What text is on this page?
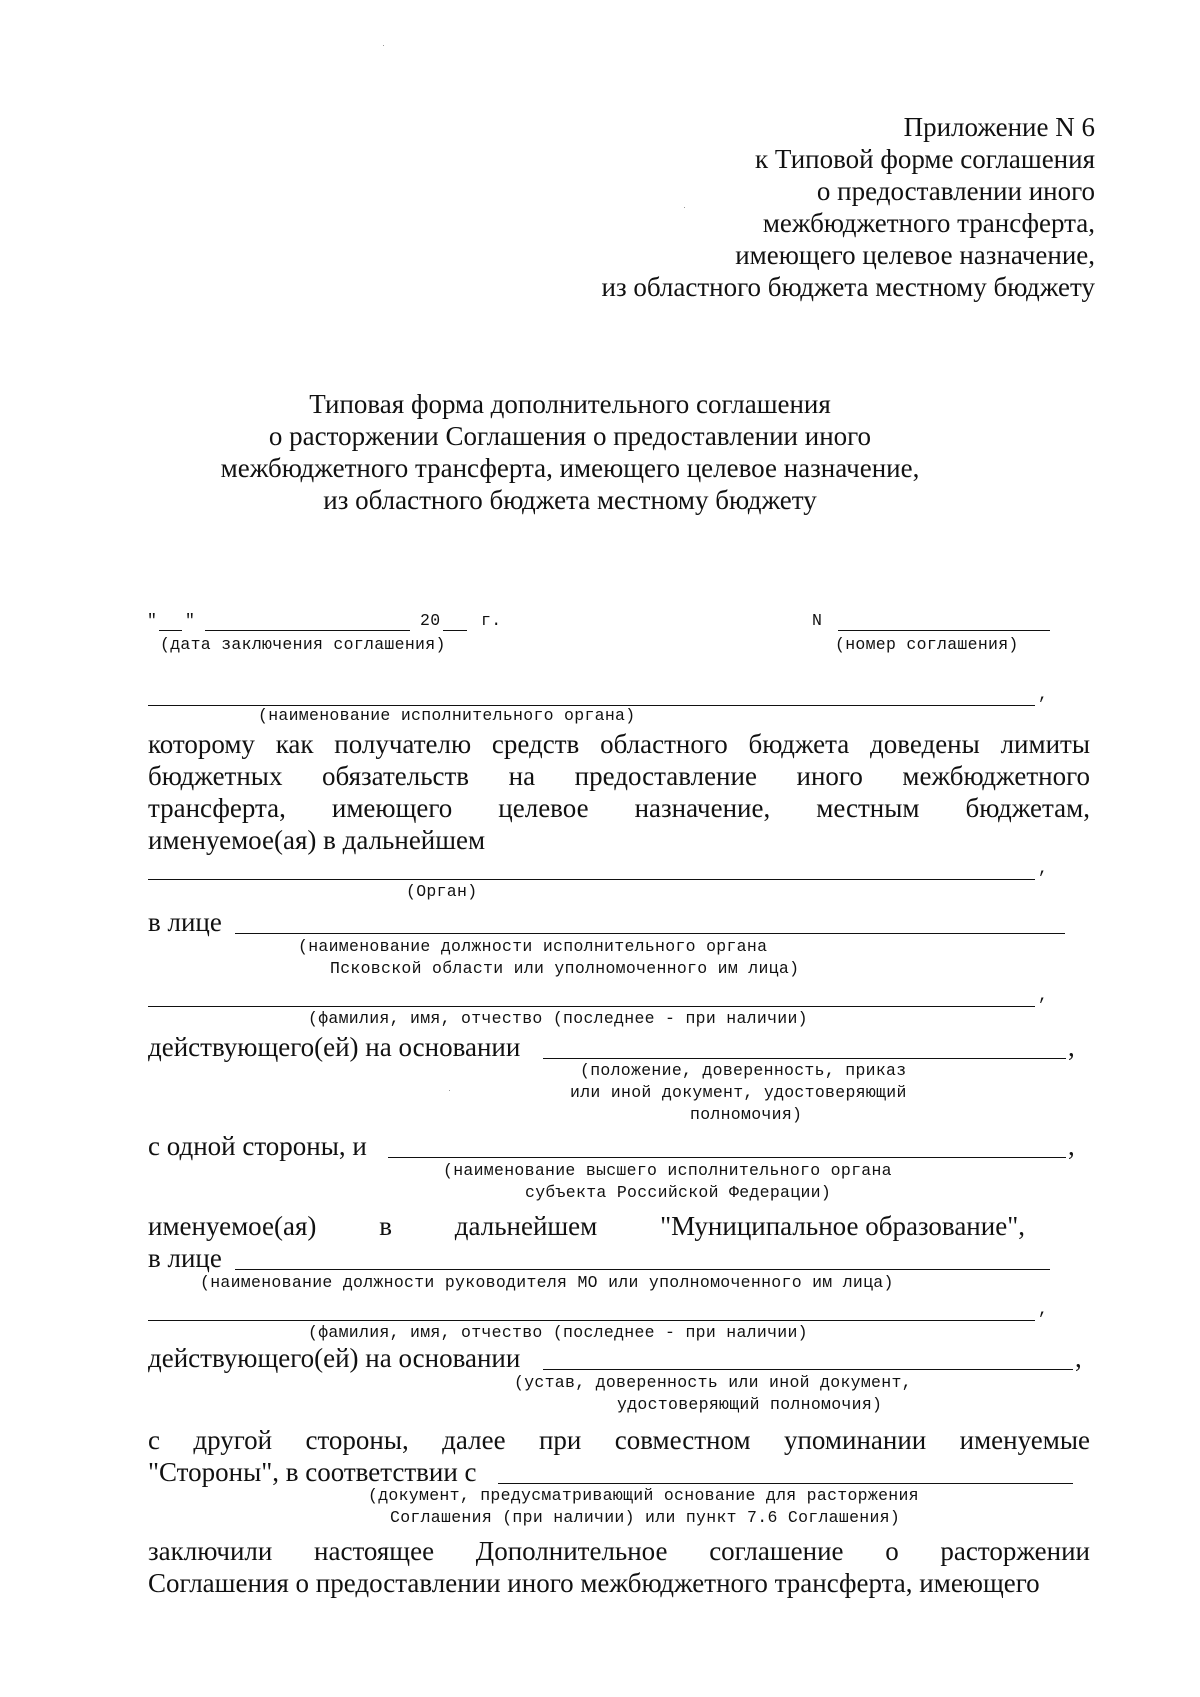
Приложение N 6
к Типовой форме соглашения
о предоставлении иного
межбюджетного трансферта,
имеющего целевое назначение,
из областного бюджета местному бюджету
Типовая форма дополнительного соглашения
о расторжении Соглашения о предоставлении иного
межбюджетного трансферта, имеющего целевое назначение,
из областного бюджета местному бюджету
" "	20 г.	N
(дата заключения соглашения)	(номер соглашения)
,
(наименование исполнительного органа)
которому как получателю средств областного бюджета доведены лимиты
бюджетных обязательств на предоставление иного межбюджетного
трансферта, имеющего целевое назначение, местным бюджетам,
именуемое(ая) в дальнейшем
,
(Орган)
в лице
(наименование должности исполнительного органа
Псковской области или уполномоченного им лица)
,
(фамилия, имя, отчество (последнее - при наличии)
действующего(ей) на основании	,
(положение, доверенность, приказ
или иной документ, удостоверяющий
полномочия)
с одной стороны, и	,
(наименование высшего исполнительного органа
субъекта Российской Федерации)
именуемое(ая) в дальнейшем "Муниципальное образование",
в лице
(наименование должности руководителя МО или уполномоченного им лица)
,
(фамилия, имя, отчество (последнее - при наличии)
действующего(ей) на основании	,
(устав, доверенность или иной документ,
удостоверяющий полномочия)
с другой стороны, далее при совместном упоминании именуемые
"Стороны", в соответствии с
(документ, предусматривающий основание для расторжения
Соглашения (при наличии) или пункт 7.6 Соглашения)
заключили настоящее Дополнительное соглашение о расторжении
Соглашения о предоставлении иного межбюджетного трансферта, имеющего
